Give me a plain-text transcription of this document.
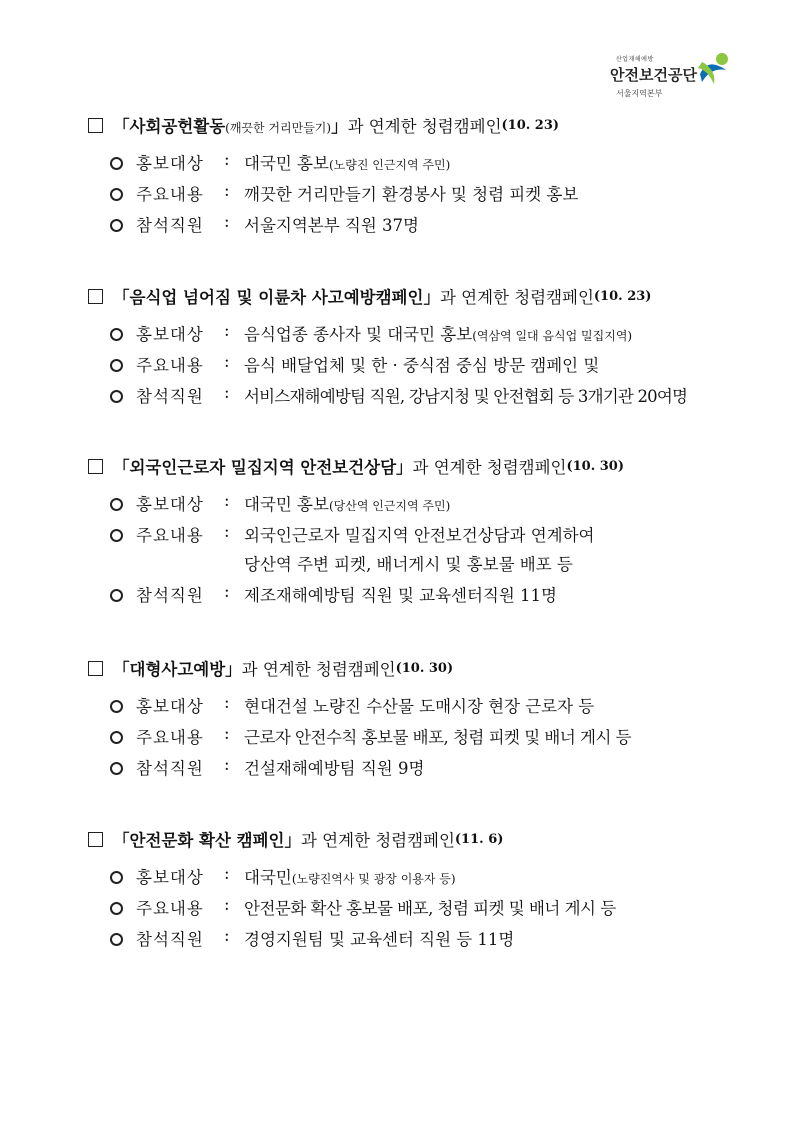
산업재해예방
안전보건공단
서울지역본부
「사회공헌활동(깨끗한 거리만들기)」 과 연계한 청렴캠페인 (10. 23)
홍보대상 : 대국민 홍보(노량진 인근지역 주민)
주요내용 : 깨끗한 거리만들기 환경봉사 및 청렴 피켓 홍보
참석직원 : 서울지역본부 직원 37명
「음식업 넘어짐 및 이륜차 사고예방캠페인」 과 연계한 청렴캠페인 (10. 23)
홍보대상 : 음식업종 종사자 및 대국민 홍보(역삼역 일대 음식업 밀집지역)
주요내용 : 음식 배달업체 및 한 · 중식점 중심 방문 캠페인 및
참석직원 : 서비스재해예방팀 직원, 강남지청 및 안전협회 등 3개기관 20여명
「외국인근로자 밀집지역 안전보건상담」 과 연계한 청렴캠페인 (10. 30)
홍보대상 : 대국민 홍보(당산역 인근지역 주민)
주요내용 : 외국인근로자 밀집지역 안전보건상담과 연계하여
당산역 주변 피켓, 배너게시 및 홍보물 배포 등
참석직원 : 제조재해예방팀 직원 및 교육센터직원 11명
「대형사고예방」 과 연계한 청렴캠페인 (10. 30)
홍보대상 : 현대건설 노량진 수산물 도매시장 현장 근로자 등
주요내용 : 근로자 안전수칙 홍보물 배포, 청렴 피켓 및 배너 게시 등
참석직원 : 건설재해예방팀 직원 9명
「안전문화 확산 캠페인」 과 연계한 청렴캠페인 (11. 6)
홍보대상 : 대국민(노량진역사 및 광장 이용자 등)
주요내용 : 안전문화 확산 홍보물 배포, 청렴 피켓 및 배너 게시 등
참석직원 : 경영지원팀 및 교육센터 직원 등 11명
